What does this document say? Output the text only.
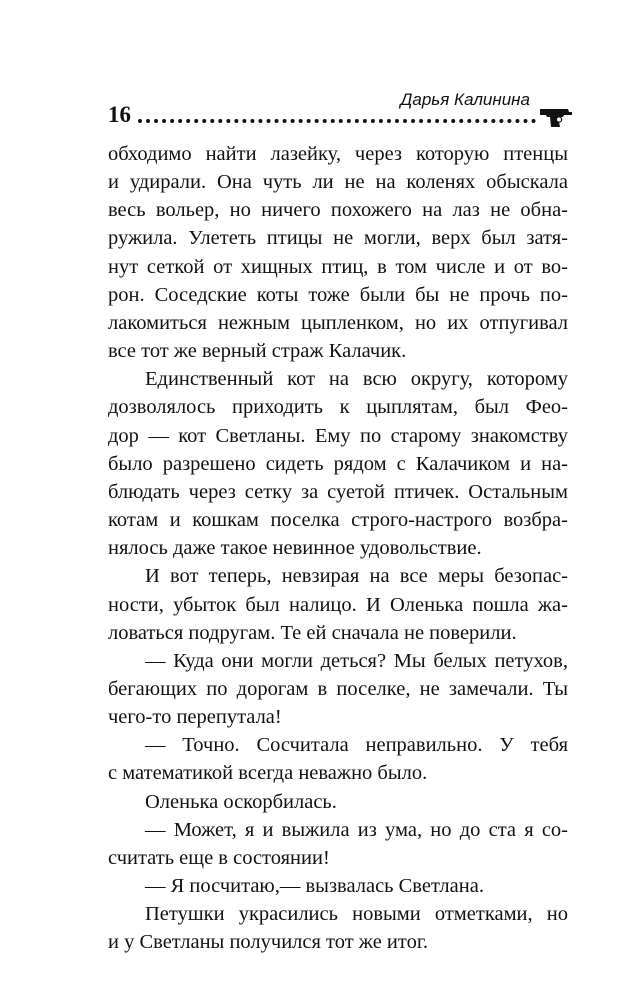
16
Дарья Калинина

обходимо найти лазейку, через которую птенцы

и удирали. Она чуть ли не на коленях обыскала

весь вольер, но ничего похожего на лаз не обна-

ружила. Улететь птицы не могли, верх был затя-

нут сеткой от хищных птиц, в том числе и от во-

рон. Соседские коты тоже были бы не прочь по-

лакомиться нежным цыпленком, но их отпугивал

все тот же верный страж Калачик.

Единственный кот на всю округу, которому

дозволялось приходить к цыплятам, был Фео-

дор — кот Светланы. Ему по старому знакомству

было разрешено сидеть рядом с Калачиком и на-

блюдать через сетку за суетой птичек. Остальным

котам и кошкам поселка строго-настрого возбра-

нялось даже такое невинное удовольствие.

И вот теперь, невзирая на все меры безопас-

ности, убыток был налицо. И Оленька пошла жа-

ловаться подругам. Те ей сначала не поверили.

— Куда они могли деться? Мы белых петухов,

бегающих по дорогам в поселке, не замечали. Ты

чего-то перепутала!

— Точно. Сосчитала неправильно. У тебя

с математикой всегда неважно было.

Оленька оскорбилась.

— Может, я и выжила из ума, но до ста я со-

считать еще в состоянии!

— Я посчитаю,— вызвалась Светлана.

Петушки украсились новыми отметками, но

и у Светланы получился тот же итог.
